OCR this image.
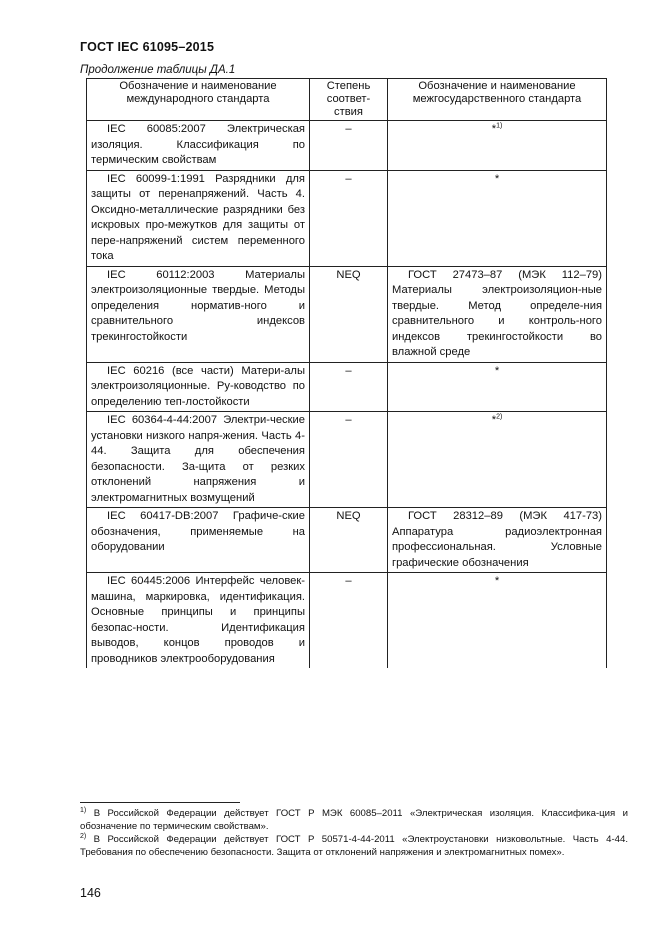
ГОСТ IEC 61095–2015
Продолжение таблицы ДА.1
Обозначение и наименование международного стандарта	Степень соответ-ствия	Обозначение и наименование межгосударственного стандарта
IEC 60085:2007 Электрическая изоляция. Классификация по термическим свойствам	–	*$^{1)}$
IEC 60099-1:1991 Разрядники для защиты от перенапряжений. Часть 4. Оксидно-металлические разрядники без искровых про-межутков для защиты от пере-напряжений систем переменного тока	–	*
IEC 60112:2003 Материалы электроизоляционные твердые. Методы определения норматив-ного и сравнительного индексов трекингостойкости	NEQ	ГОСТ 27473–87 (МЭК 112–79) Материалы электроизоляцион-ные твердые. Метод определе-ния сравнительного и контроль-ного индексов трекингостойкости во влажной среде
IEC 60216 (все части) Матери-алы электроизоляционные. Ру-ководство по определению теп-лостойкости	–	*
IEC 60364-4-44:2007 Электри-ческие установки низкого напря-жения. Часть 4-44. Защита для обеспечения безопасности. За-щита от резких отклонений напряжения и электромагнитных возмущений	–	*$^{2)}$
IEC 60417-DB:2007 Графиче-ские обозначения, применяемые на оборудовании	NEQ	ГОСТ 28312–89 (МЭК 417-73) Аппаратура радиоэлектронная профессиональная. Условные графические обозначения
IEC 60445:2006 Интерфейс человек-машина, маркировка, идентификация. Основные принципы и принципы безопас-ности. Идентификация выводов, концов проводов и проводников электрооборудования	–	*

$^{1)}$ В Российской Федерации действует ГОСТ Р МЭК 60085–2011 «Электрическая изоляция. Классифика-ция и обозначение по термическим свойствам».

$^{2)}$ В Российской Федерации действует ГОСТ Р 50571-4-44-2011 «Электроустановки низковольтные. Часть 4-44. Требования по обеспечению безопасности. Защита от отклонений напряжения и электромагнитных помех».

146
